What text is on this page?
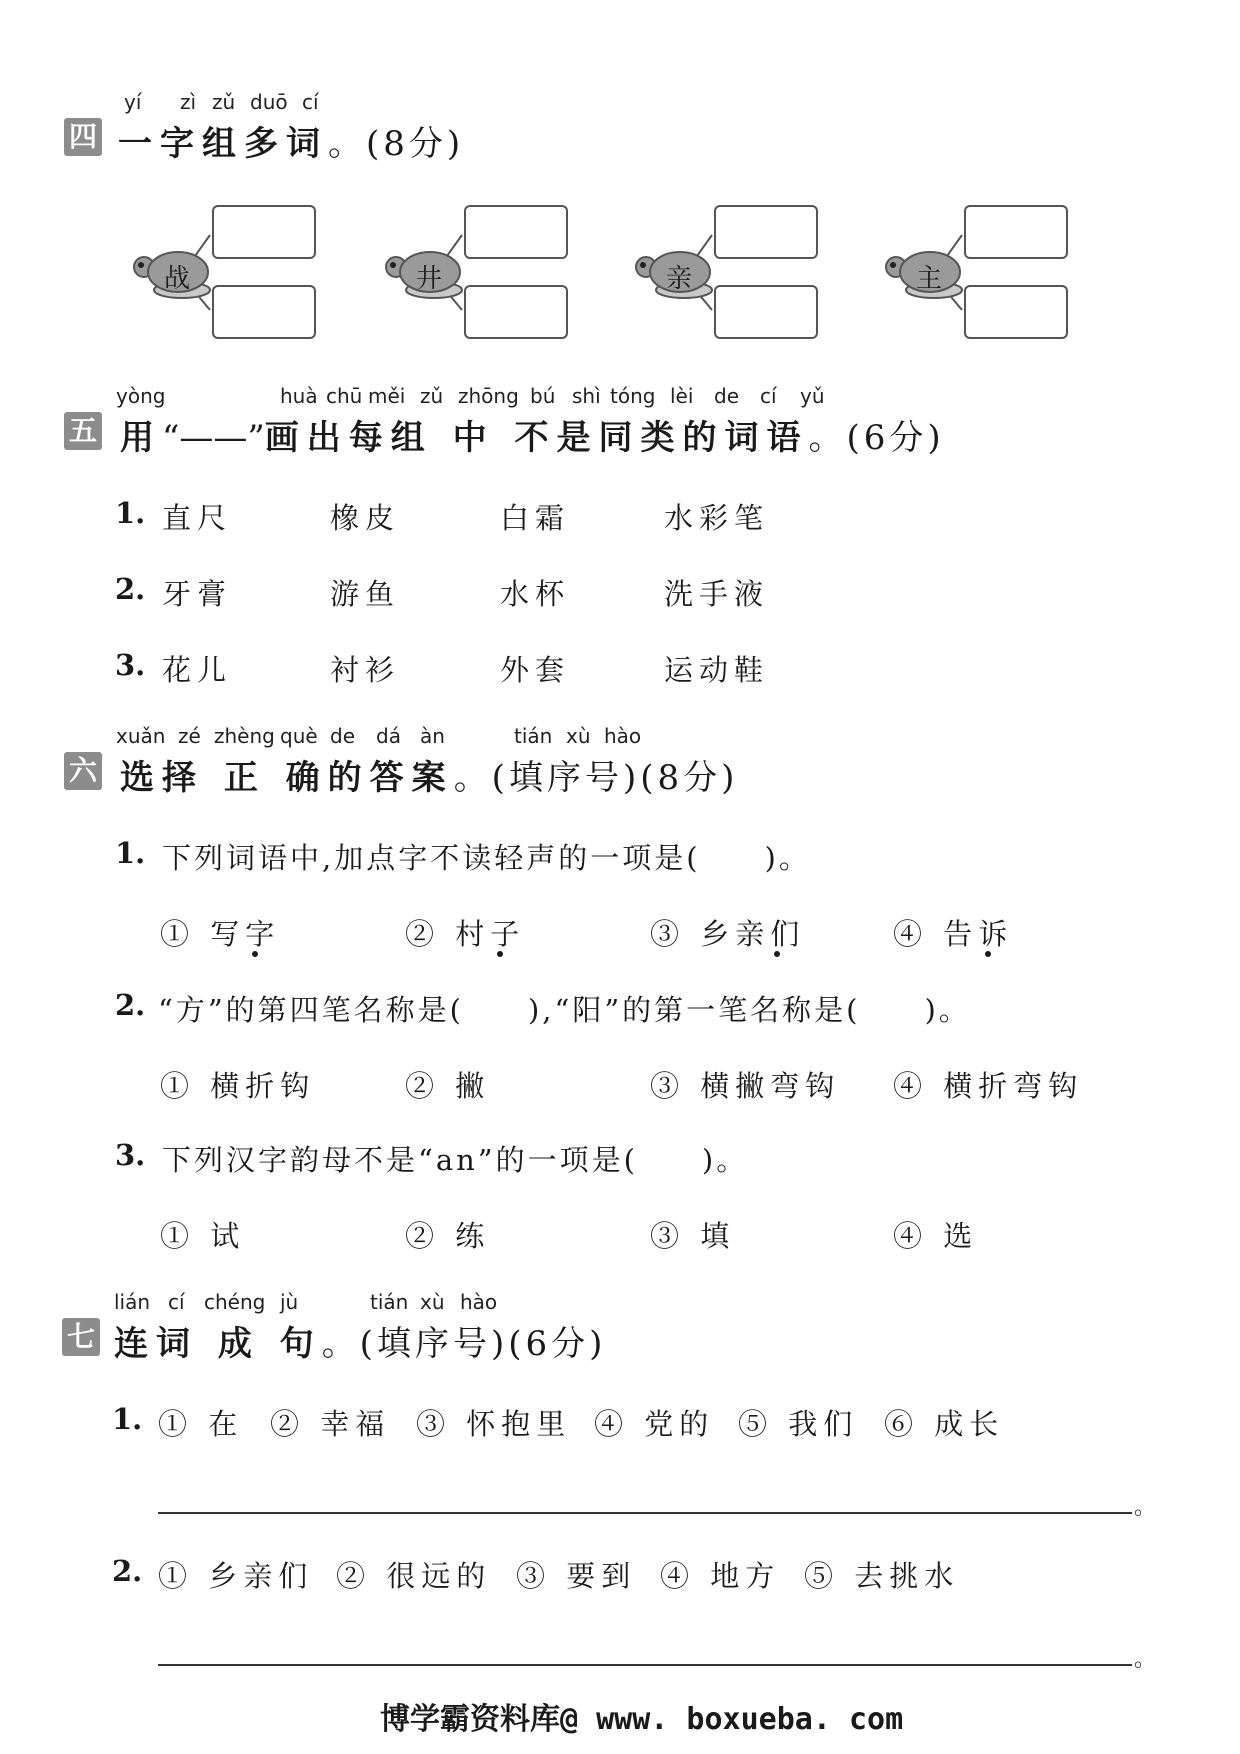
yí zì zǔ duō cí
四 一字组多词。(8分)
战	井	亲	主
yòng	huà chū měi zǔ zhōng bú shì tóng lèi de cí yǔ
五 用“——”画出每组 中 不是同类的词语。(6分)
1. 直尺	橡皮	白霜	水彩笔
2. 牙膏	游鱼	水杯	洗手液
3. 花儿	衬衫	外套	运动鞋
xuǎn zé zhèng què de dá àn	tián xù hào
六 选择 正 确的答案。(填序号)(8分)
1. 下列词语中,加点字不读轻声的一项是(　　)。
① 写字	② 村子	③ 乡亲们	④ 告诉
2. “方”的第四笔名称是(　　),“阳”的第一笔名称是(　　)。
① 横折钩	② 撇	③ 横撇弯钩 ④ 横折弯钩
3. 下列汉字韵母不是“an”的一项是(　　)。
① 试	② 练	③ 填	④ 选
lián cí chéng jù	tián xù hào
七 连词 成 句。(填序号)(6分)
1. ① 在 ② 幸福 ③ 怀抱里 ④ 党的 ⑤ 我们 ⑥ 成长
。
2. ① 乡亲们 ② 很远的 ③ 要到 ④ 地方 ⑤ 去挑水
。
博学霸资料库@ www. boxueba. com
